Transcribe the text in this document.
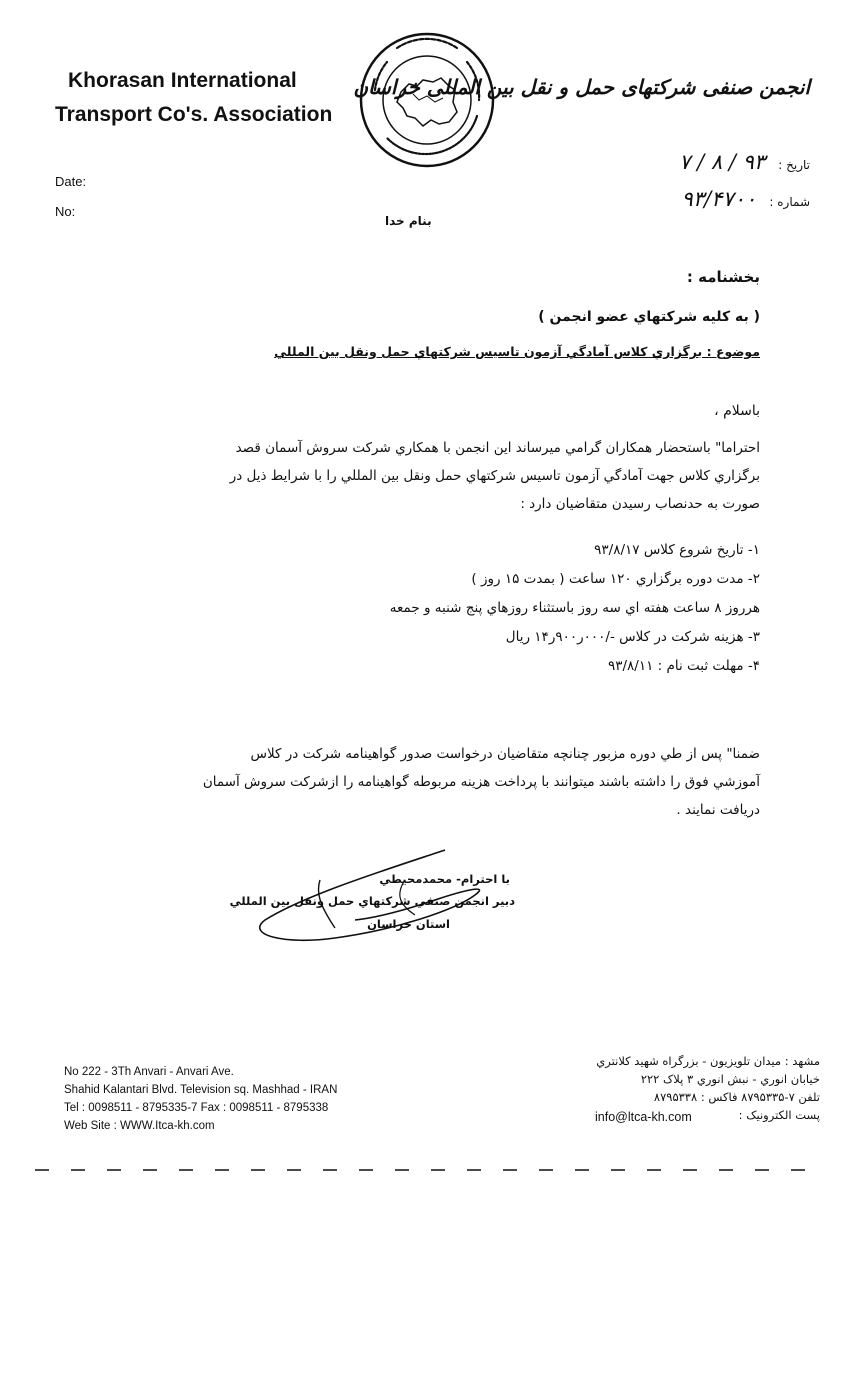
Khorasan International
Transport Co's. Association
انجمن صنفی شرکتهای حمل و نقل بین المللی خراسان
Date:
No:
تاریخ : ۹۳ / ۸ / ۷
شماره : ۹۳/۴۷۰۰
بنام خدا
بخشنامه :
( به کلیه شرکتهاي عضو انجمن )
موضوع : برگزاري کلاس آمادگي آزمون تاسیس شرکتهاي حمل ونقل بین المللي
باسلام ،
احتراما" باستحضار همکاران گرامي ميرساند اين انجمن با همکاري شرکت سروش آسمان قصد
برگزاري کلاس جهت آمادگي آزمون تاسيس شرکتهاي حمل ونقل بين المللي را با شرايط ذيل در
صورت به حدنصاب رسيدن متقاضيان دارد :
۱- تاريخ شروع کلاس ۹۳/۸/۱۷
۲- مدت دوره برگزاري ۱۲۰ ساعت ( بمدت ۱۵ روز )
هرروز ۸ ساعت هفته اي سه روز باستثناء روزهاي پنج شنبه و جمعه
۳- هزينه شرکت در کلاس -/۰۰۰ر۹۰۰ر۱۴ ريال
۴- مهلت ثبت نام : ۹۳/۸/۱۱
ضمنا" پس از طي دوره مزبور چنانچه متقاضيان درخواست صدور گواهينامه شرکت در کلاس
آموزشي فوق را داشته باشند ميتوانند با پرداخت هزينه مربوطه گواهينامه را ازشرکت سروش آسمان
دريافت نمايند .
با احترام- محمدمحيطي
دبير انجمن صنفي شرکتهاي حمل ونقل بين المللي
استان خراسان
No 222 - 3Th Anvari - Anvari Ave.
Shahid Kalantari Blvd. Television sq. Mashhad - IRAN
Tel : 0098511 - 8795335-7 Fax : 0098511 - 8795338
Web Site : WWW.Itca-kh.com
مشهد : ميدان تلويزيون - بزرگراه شهيد کلانتري
خيابان انوري - نبش انوري ۳ پلاک ۲۲۲
تلفن ۷-۸۷۹۵۳۳۵ فاکس : ۸۷۹۵۳۳۸
پست الکترونيک :
info@ltca-kh.com
